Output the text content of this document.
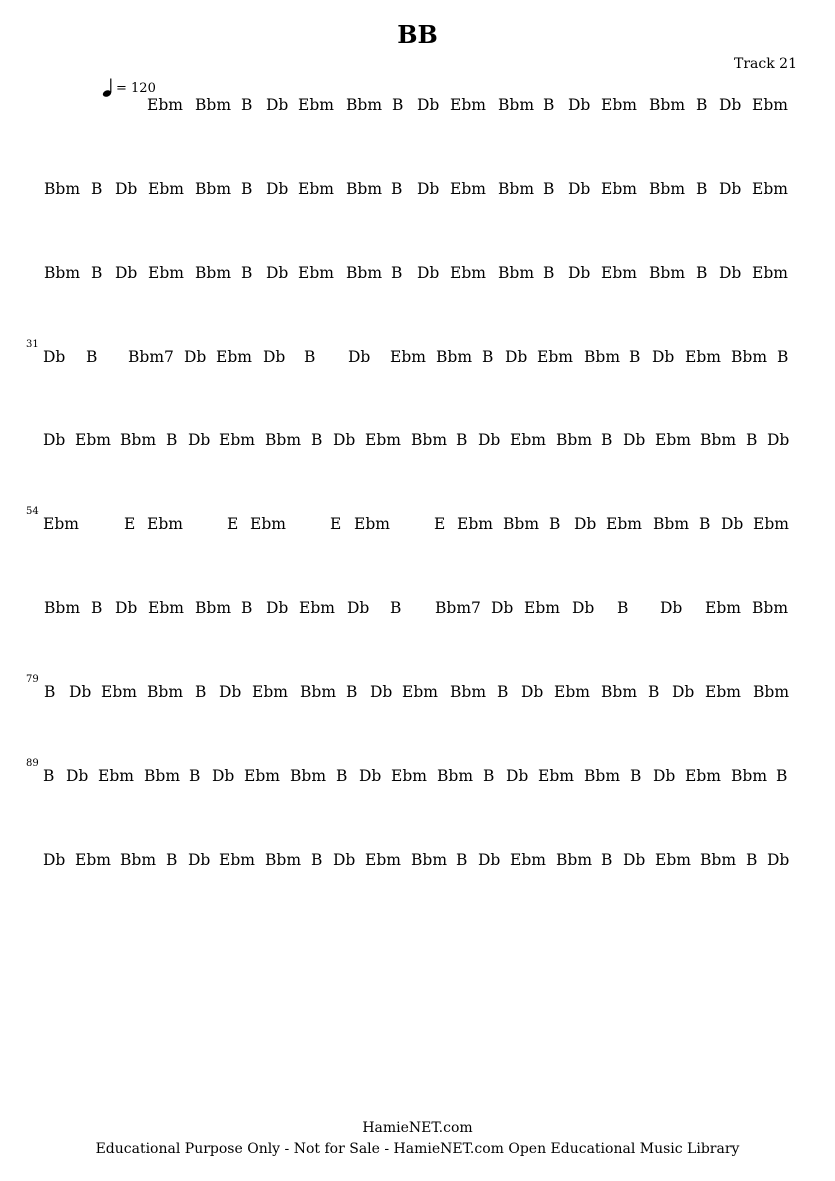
BB
Track 21
= 120
Ebm Bbm B Db Ebm Bbm B Db Ebm Bbm B Db Ebm Bbm B Db Ebm
Bbm B Db Ebm Bbm B Db Ebm Bbm B Db Ebm Bbm B Db Ebm Bbm B Db Ebm
Bbm B Db Ebm Bbm B Db Ebm Bbm B Db Ebm Bbm B Db Ebm Bbm B Db Ebm
31
Db B Bbm7 Db Ebm Db B Db Ebm Bbm B Db Ebm Bbm B Db Ebm Bbm B
Db Ebm Bbm B Db Ebm Bbm B Db Ebm Bbm B Db Ebm Bbm B Db Ebm Bbm B Db
54
Ebm	E Ebm	E Ebm	E Ebm	E Ebm Bbm B Db Ebm Bbm B Db Ebm
Bbm B Db Ebm Bbm B Db Ebm Db B Bbm7 Db Ebm Db B Db Ebm Bbm
79
B Db Ebm Bbm B Db Ebm Bbm B Db Ebm Bbm B Db Ebm Bbm B Db Ebm Bbm
89
B Db Ebm Bbm B Db Ebm Bbm B Db Ebm Bbm B Db Ebm Bbm B Db Ebm Bbm B
Db Ebm Bbm B Db Ebm Bbm B Db Ebm Bbm B Db Ebm Bbm B Db Ebm Bbm B Db
HamieNET.com
Educational Purpose Only - Not for Sale - HamieNET.com Open Educational Music Library
